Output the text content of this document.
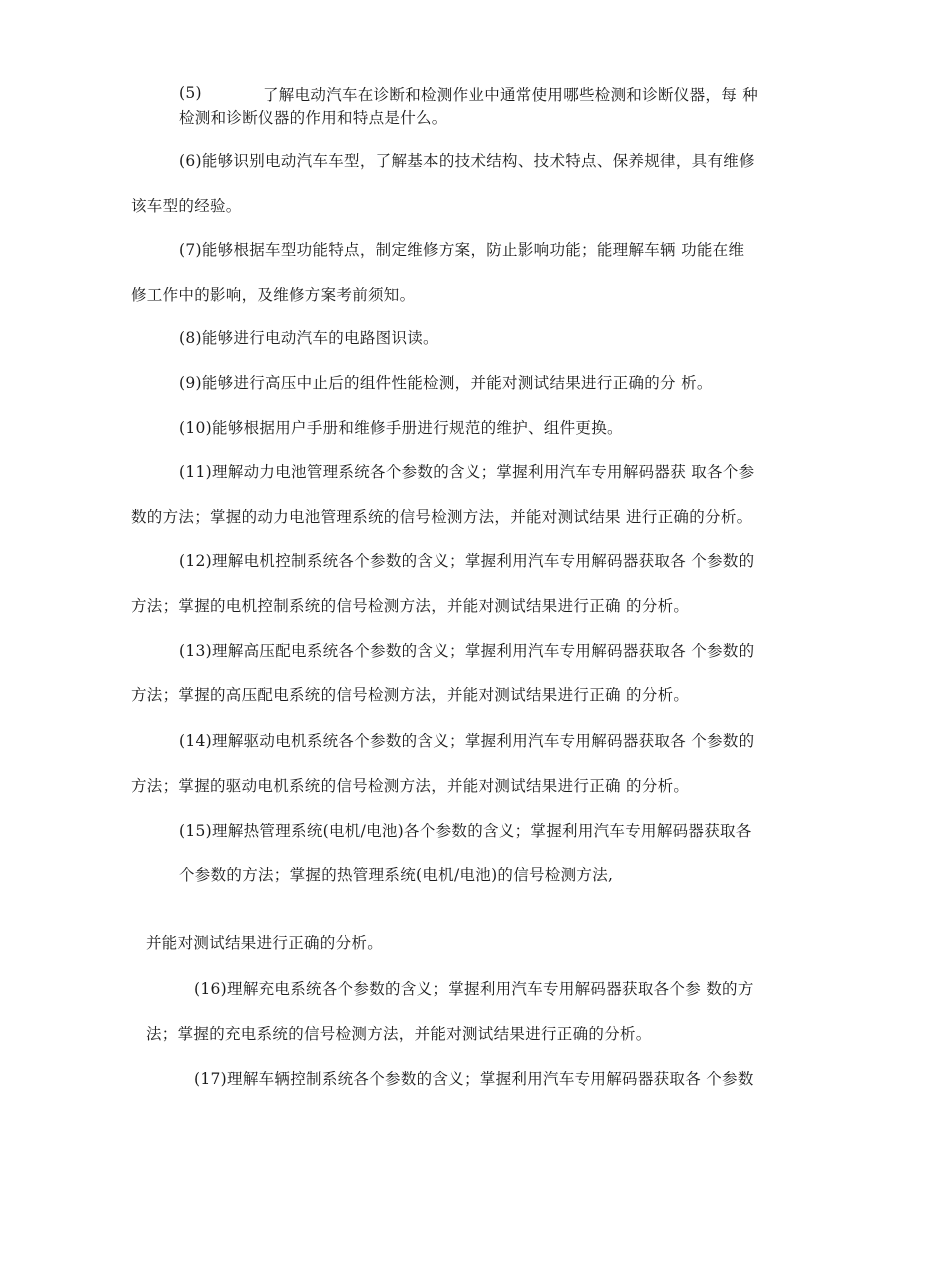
(5)	了解电动汽车在诊断和检测作业中通常使用哪些检测和诊断仪器，每 种
检测和诊断仪器的作用和特点是什么。
(6)能够识别电动汽车车型，了解基本的技术结构、技术特点、保养规律，具有维修
该车型的经验。
(7)能够根据车型功能特点，制定维修方案，防止影响功能；能理解车辆 功能在维
修工作中的影响，及维修方案考前须知。
(8)能够进行电动汽车的电路图识读。
(9)能够进行高压中止后的组件性能检测，并能对测试结果进行正确的分 析。
(10)能够根据用户手册和维修手册进行规范的维护、组件更换。
(11)理解动力电池管理系统各个参数的含义；掌握利用汽车专用解码器获 取各个参
数的方法；掌握的动力电池管理系统的信号检测方法，并能对测试结果 进行正确的分析。
(12)理解电机控制系统各个参数的含义；掌握利用汽车专用解码器获取各 个参数的
方法；掌握的电机控制系统的信号检测方法，并能对测试结果进行正确 的分析。
(13)理解高压配电系统各个参数的含义；掌握利用汽车专用解码器获取各 个参数的
方法；掌握的高压配电系统的信号检测方法，并能对测试结果进行正确 的分析。
(14)理解驱动电机系统各个参数的含义；掌握利用汽车专用解码器获取各 个参数的
方法；掌握的驱动电机系统的信号检测方法，并能对测试结果进行正确 的分析。
(15)理解热管理系统(电机/电池)各个参数的含义；掌握利用汽车专用解码器获取各
个参数的方法；掌握的热管理系统(电机/电池)的信号检测方法,
并能对测试结果进行正确的分析。
(16)理解充电系统各个参数的含义；掌握利用汽车专用解码器获取各个参 数的方
法；掌握的充电系统的信号检测方法，并能对测试结果进行正确的分析。
(17)理解车辆控制系统各个参数的含义；掌握利用汽车专用解码器获取各 个参数
